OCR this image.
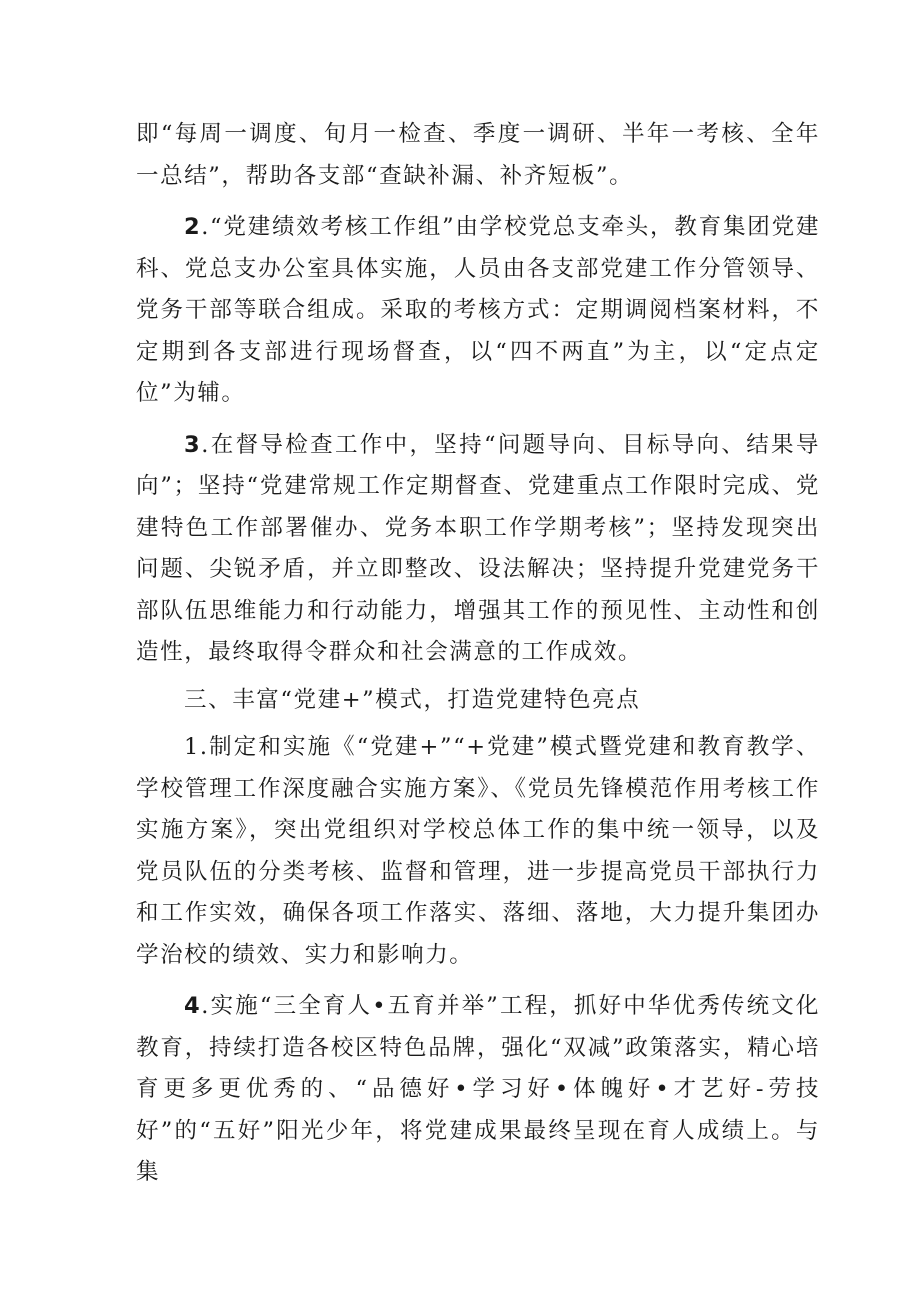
即“每周一调度、旬月一检查、季度一调研、半年一考核、全年一总结”，帮助各支部“查缺补漏、补齐短板”。

2.“党建绩效考核工作组”由学校党总支牵头，教育集团党建科、党总支办公室具体实施，人员由各支部党建工作分管领导、党务干部等联合组成。采取的考核方式：定期调阅档案材料，不定期到各支部进行现场督查，以“四不两直”为主，以“定点定位”为辅。

3.在督导检查工作中，坚持“问题导向、目标导向、结果导向”；坚持“党建常规工作定期督查、党建重点工作限时完成、党建特色工作部署催办、党务本职工作学期考核”；坚持发现突出问题、尖锐矛盾，并立即整改、设法解决；坚持提升党建党务干部队伍思维能力和行动能力，增强其工作的预见性、主动性和创造性，最终取得令群众和社会满意的工作成效。

三、丰富“党建+”模式，打造党建特色亮点

1.制定和实施《“党建+”“+党建”模式暨党建和教育教学、学校管理工作深度融合实施方案》、《党员先锋模范作用考核工作实施方案》，突出党组织对学校总体工作的集中统一领导，以及党员队伍的分类考核、监督和管理，进一步提高党员干部执行力和工作实效，确保各项工作落实、落细、落地，大力提升集团办学治校的绩效、实力和影响力。

4.实施“三全育人•五育并举”工程，抓好中华优秀传统文化教育，持续打造各校区特色品牌，强化“双减”政策落实，精心培育更多更优秀的、“品德好•学习好•体魄好•才艺好-劳技好”的“五好”阳光少年，将党建成果最终呈现在育人成绩上。与集
